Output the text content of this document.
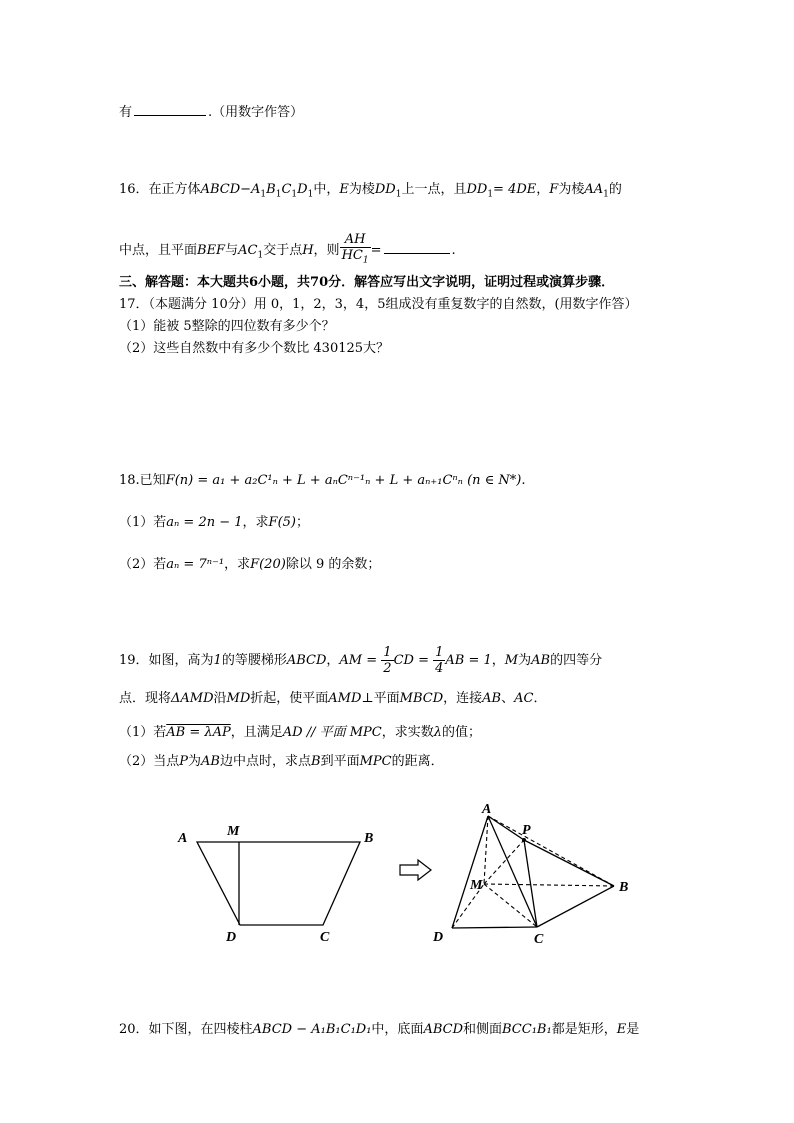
有	.（用数字作答）
16．在正方体$ABCD-A_1B_1C_1D_1$中，E为棱$DD_1$上一点，且$DD_1= 4DE$，F为棱$AA_1$的
中点，且平面BEF与$AC_1$交于点H，则 $\frac{AH}{HC_1}$ =	.
三、解答题：本大题共6小题，共70分．解答应写出文字说明，证明过程或演算步骤．
17．（本题满分 10分）用 0，1，2，3，4，5组成没有重复数字的自然数，(用数字作答）
（1）能被 5整除的四位数有多少个？
（2）这些自然数中有多少个数比 430125大？
18.已知F(n) = a₁ + a₂C¹ₙ + L + aₙCⁿ⁻¹ₙ + L + aₙ₊₁Cⁿₙ (n ∈ N*).
（1）若aₙ = 2n − 1，求F(5)；
（2）若aₙ = 7ⁿ⁻¹，求F(20)除以 9 的余数；
19．如图，高为1的等腰梯形ABCD，AM = $\frac{1}{2}$ CD = $\frac{1}{4}$ AB = 1，M为AB的四等分
点．现将ΔAMD沿MD折起，使平面AMD⊥平面MBCD，连接AB、AC．
（1）若AB = λAP，且满足AD // 平面 MPC，求实数λ的值；
（2）当点P为AB边中点时，求点B到平面MPC的距离．
A	M	B
D	C
A
P
M	B
D	C
20．如下图，在四棱柱ABCD − A₁B₁C₁D₁中，底面ABCD和侧面BCC₁B₁都是矩形，E是
